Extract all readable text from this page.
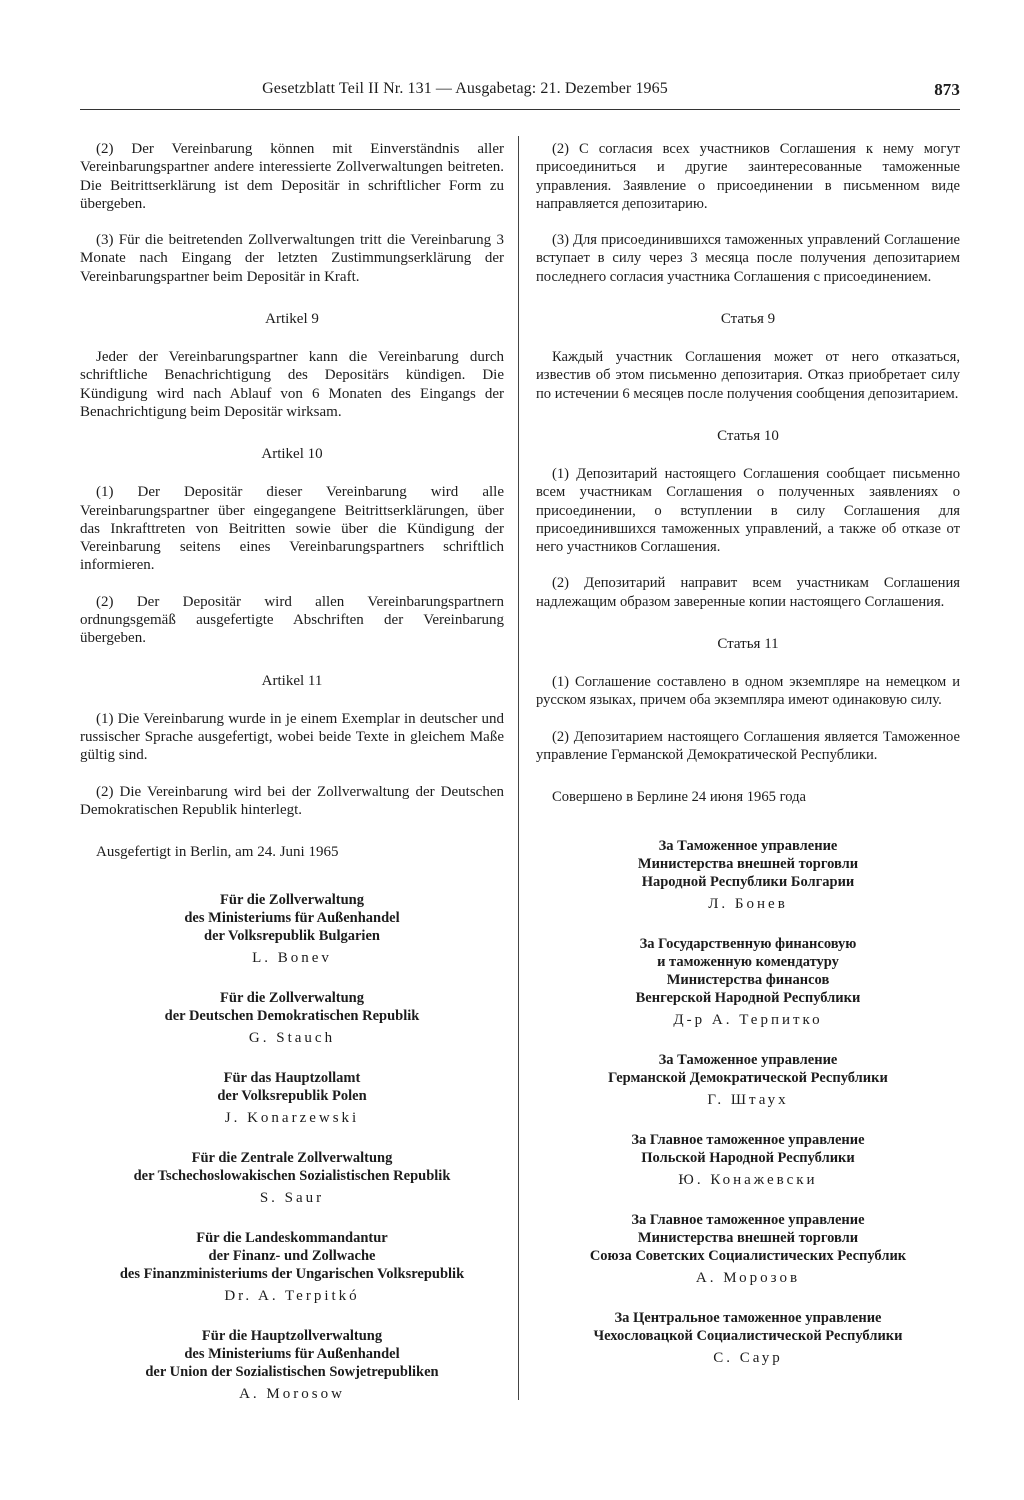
Gesetzblatt Teil II Nr. 131 — Ausgabetag: 21. Dezember 1965	873

(2) Der Vereinbarung können mit Einverständnis aller Vereinbarungspartner andere interessierte Zollverwaltungen beitreten. Die Beitrittserklärung ist dem Depositär in schriftlicher Form zu übergeben.

(3) Für die beitretenden Zollverwaltungen tritt die Vereinbarung 3 Monate nach Eingang der letzten Zustimmungserklärung der Vereinbarungspartner beim Depositär in Kraft.

Artikel 9

Jeder der Vereinbarungspartner kann die Vereinbarung durch schriftliche Benachrichtigung des Depositärs kündigen. Die Kündigung wird nach Ablauf von 6 Monaten des Eingangs der Benachrichtigung beim Depositär wirksam.

Artikel 10

(1) Der Depositär dieser Vereinbarung wird alle Vereinbarungspartner über eingegangene Beitrittserklärungen, über das Inkrafttreten von Beitritten sowie über die Kündigung der Vereinbarung seitens eines Vereinbarungspartners schriftlich informieren.

(2) Der Depositär wird allen Vereinbarungspartnern ordnungsgemäß ausgefertigte Abschriften der Vereinbarung übergeben.

Artikel 11

(1) Die Vereinbarung wurde in je einem Exemplar in deutscher und russischer Sprache ausgefertigt, wobei beide Texte in gleichem Maße gültig sind.

(2) Die Vereinbarung wird bei der Zollverwaltung der Deutschen Demokratischen Republik hinterlegt.

Ausgefertigt in Berlin, am 24. Juni 1965

Für die Zollverwaltung
des Ministeriums für Außenhandel
der Volksrepublik Bulgarien
L. Bonev
Für die Zollverwaltung
der Deutschen Demokratischen Republik
G. Stauch
Für das Hauptzollamt
der Volksrepublik Polen
J. Konarzewski
Für die Zentrale Zollverwaltung
der Tschechoslowakischen Sozialistischen Republik
S. Saur
Für die Landeskommandantur
der Finanz- und Zollwache
des Finanzministeriums der Ungarischen Volksrepublik
Dr. A. Terpitkó
Für die Hauptzollverwaltung
des Ministeriums für Außenhandel
der Union der Sozialistischen Sowjetrepubliken
A. Morosow

(2) С согласия всех участников Соглашения к нему могут присоединиться и другие заинтересованные таможенные управления. Заявление о присоединении в письменном виде направляется депозитарию.

(3) Для присоединившихся таможенных управлений Соглашение вступает в силу через 3 месяца после получения депозитарием последнего согласия участника Соглашения с присоединением.

Статья 9

Каждый участник Соглашения может от него отказаться, известив об этом письменно депозитария. Отказ приобретает силу по истечении 6 месяцев после получения сообщения депозитарием.

Статья 10

(1) Депозитарий настоящего Соглашения сообщает письменно всем участникам Соглашения о полученных заявлениях о присоединении, о вступлении в силу Соглашения для присоединившихся таможенных управлений, а также об отказе от него участников Соглашения.

(2) Депозитарий направит всем участникам Соглашения надлежащим образом заверенные копии настоящего Соглашения.

Статья 11

(1) Соглашение составлено в одном экземпляре на немецком и русском языках, причем оба экземпляра имеют одинаковую силу.

(2) Депозитарием настоящего Соглашения является Таможенное управление Германской Демократической Республики.

Совершено в Берлине 24 июня 1965 года

За Таможенное управление
Министерства внешней торговли
Народной Республики Болгарии
Л. Бонев
За Государственную финансовую
и таможенную комендатуру
Министерства финансов
Венгерской Народной Республики
Д-р А. Терпитко
За Таможенное управление
Германской Демократической Республики
Г. Штаух
За Главное таможенное управление
Польской Народной Республики
Ю. Конажевски
За Главное таможенное управление
Министерства внешней торговли
Союза Советских Социалистических Республик
А. Морозов
За Центральное таможенное управление
Чехословацкой Социалистической Республики
С. Саур
